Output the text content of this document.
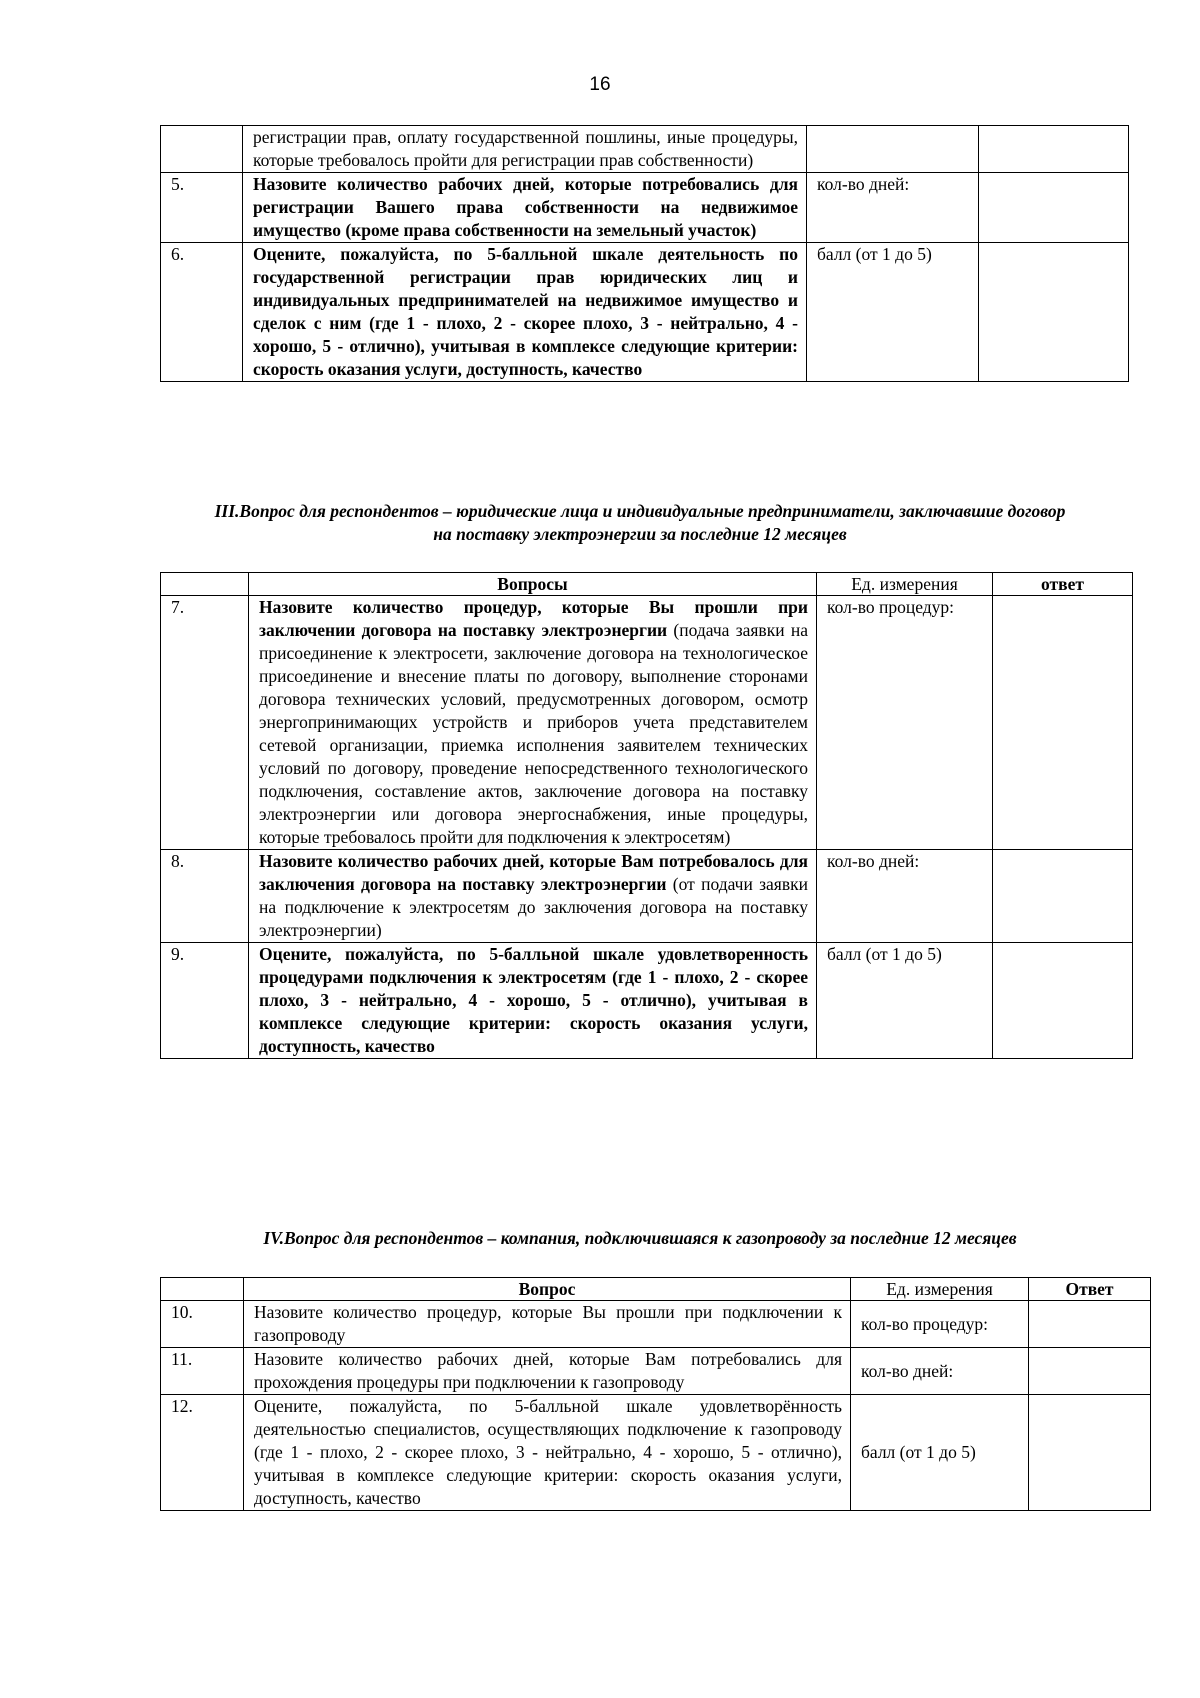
16
	регистрации прав, оплату государственной пошлины, иные процедуры, которые требовалось пройти для регистрации прав собственности)		
5.	Назовите количество рабочих дней, которые потребовались для регистрации Вашего права собственности на недвижимое имущество (кроме права собственности на земельный участок)	кол-во дней:	
6.	Оцените, пожалуйста, по 5-балльной шкале деятельность по государственной регистрации прав юридических лиц и индивидуальных предпринимателей на недвижимое имуществo и сделок с ним (где 1 - плохо, 2 - скорее плохо, 3 - нейтрально, 4 - хорошо, 5 - отлично), учитывая в комплексе следующие критерии: скорость оказания услуги, доступность, качество	балл (от 1 до 5)	
III.Вопрос для респондентов – юридические лица и индивидуальные предприниматели, заключавшие договор
на поставку электроэнергии за последние 12 месяцев
	Вопросы	Ед. измерения	ответ
7.	Назовите количество процедур, которые Вы прошли при заключении договора на поставку электроэнергии (подача заявки на присоединение к электросети, заключение договора на технологическое присоединение и внесение платы по договору, выполнение сторонами договора технических условий, предусмотренных договором, осмотр энергопринимающих устройств и приборов учета представителем сетевой организации, приемка исполнения заявителем технических условий по договору, проведение непосредственного технологического подключения, составление актов, заключение договора на поставку электроэнергии или договора энергоснабжения, иные процедуры, которые требовалось пройти для подключения к электросетям)	кол-во процедур:	
8.	Назовите количество рабочих дней, которые Вам потребовалось для заключения договора на поставку электроэнергии (от подачи заявки на подключение к электросетям до заключения договора на поставку электроэнергии)	кол-во дней:	
9.	Оцените, пожалуйста, по 5-балльной шкале удовлетворенность процедурами подключения к электросетям (где 1 - плохо, 2 - скорее плохо, 3 - нейтрально, 4 - хорошо, 5 - отлично), учитывая в комплексе следующие критерии: скорость оказания услуги, доступность, качество	балл (от 1 до 5)	
IV.Вопрос для респондентов – компания, подключившаяся к газопроводу за последние 12 месяцев
	Вопрос	Ед. измерения	Ответ
10.	Назовите количество процедур, которые Вы прошли при подключении к газопроводу	кол-во процедур:	
11.	Назовите количество рабочих дней, которые Вам потребовались для прохождения процедуры при подключении к газопроводу	кол-во дней:	
12.	Оцените, пожалуйста, по 5-балльной шкале удовлетворённость деятельностью специалистов, осуществляющих подключение к газопроводу (где 1 - плохо, 2 - скорее плохо, 3 - нейтрально, 4 - хорошо, 5 - отлично), учитывая в комплексе следующие критерии: скорость оказания услуги, доступность, качество	балл (от 1 до 5)	
